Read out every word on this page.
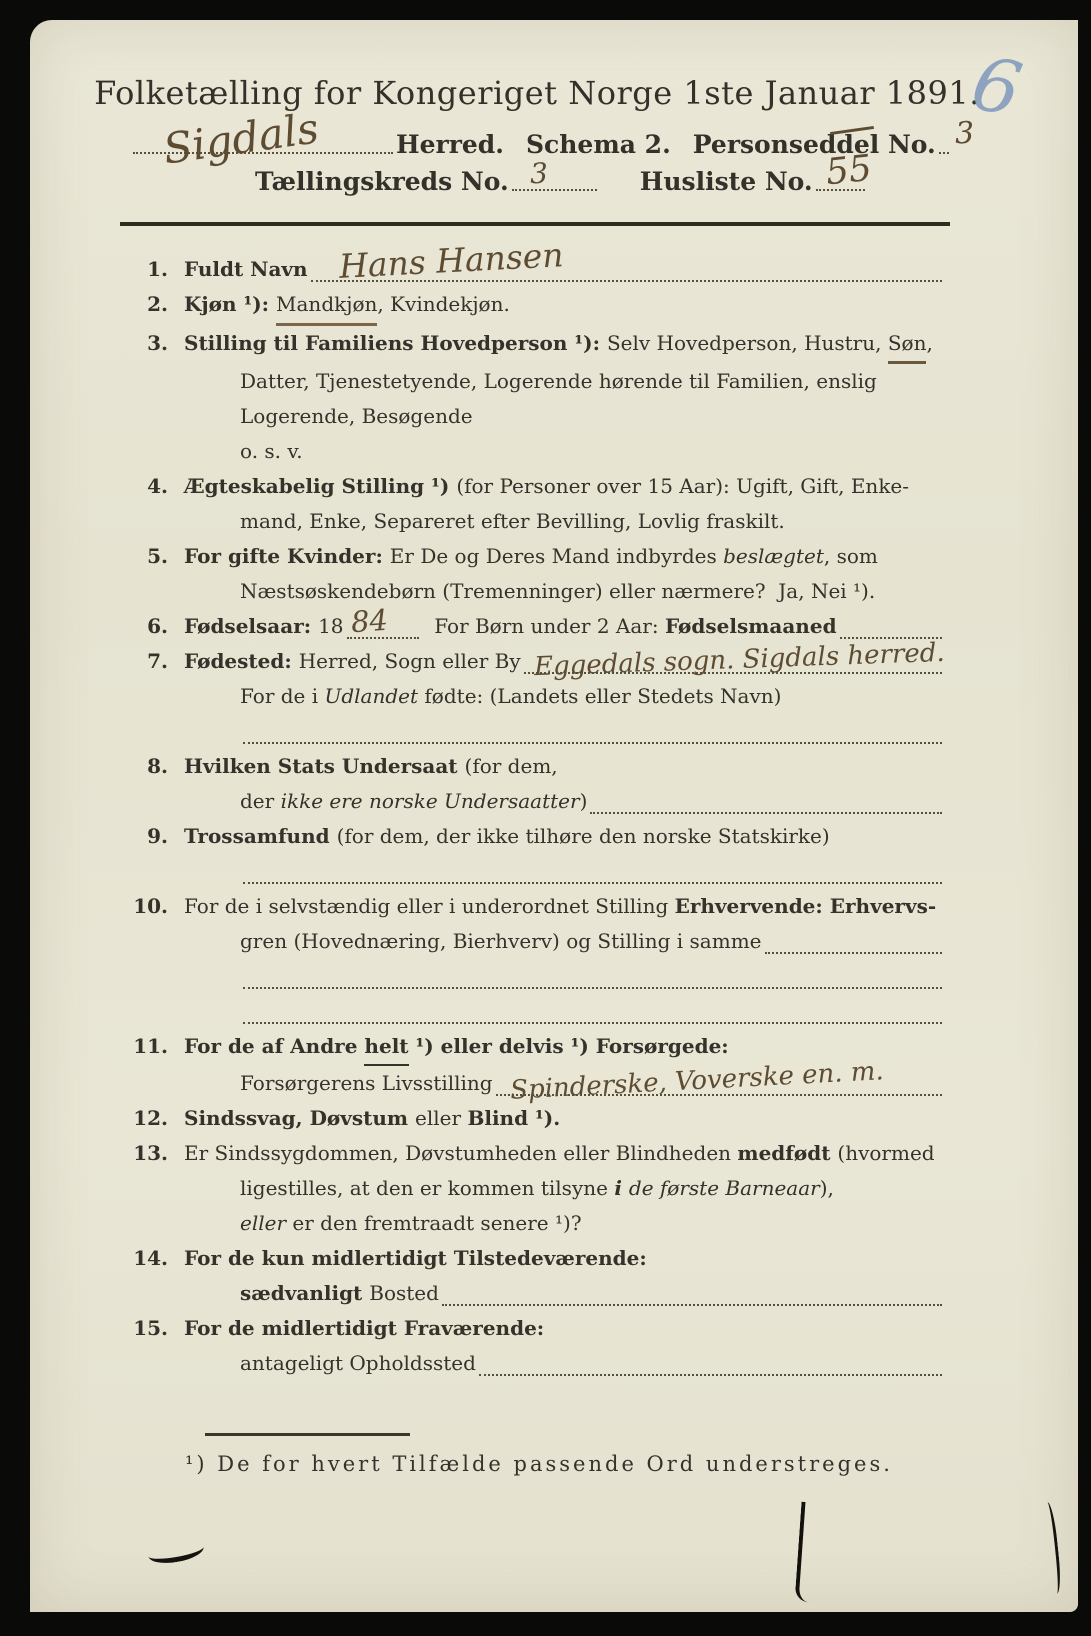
6
Folketælling for Kongeriget Norge 1ste Januar 1891.
Sigdals	Herred. Schema 2. Personseddel No. 3
Tællingskreds No. 3	Husliste No. 55
1. Fuldt Navn Hans Hansen
2. Kjøn ¹): Mandkjøn , Kvindekjøn.
3. Stilling til Familiens Hovedperson ¹): Selv Hovedperson, Hustru, Søn ,
Datter, Tjenestetyende, Logerende hørende til Familien, enslig
Logerende, Besøgende
o. s. v.
4. Ægteskabelig Stilling ¹) (for Personer over 15 Aar): Ugift, Gift, Enke-
mand, Enke, Separeret efter Bevilling, Lovlig fraskilt.
5. For gifte Kvinder: Er De og Deres Mand indbyrdes beslægtet , som
Næstsøskendebørn (Tremenninger) eller nærmere?  Ja, Nei ¹).
6. Fødselsaar: 18 84 For Børn under 2 Aar: Fødselsmaaned
7. Fødested: Herred, Sogn eller By Eggedals sogn. Sigdals herred.
For de i Udlandet fødte: (Landets eller Stedets Navn)
8. Hvilken Stats Undersaat (for dem,
der ikke ere norske Undersaatter )
9. Trossamfund (for dem, der ikke tilhøre den norske Statskirke)
10. For de i selvstændig eller i underordnet Stilling Erhvervende: Erhvervs-
gren (Hovednæring, Bierhverv) og Stilling i samme
11. For de af Andre helt ¹) eller delvis ¹) Forsørgede:
Forsørgerens Livsstilling Spinderske, Voverske en. m.
12. Sindssvag, Døvstum eller Blind ¹).
13. Er Sindssygdommen, Døvstumheden eller Blindheden medfødt (hvormed
ligestilles, at den er kommen tilsyne i de første Barneaar ),
eller er den fremtraadt senere ¹)?
14. For de kun midlertidigt Tilstedeværende:
sædvanligt Bosted
15. For de midlertidigt Fraværende:
antageligt Opholdssted
¹) De for hvert Tilfælde passende Ord understreges.
